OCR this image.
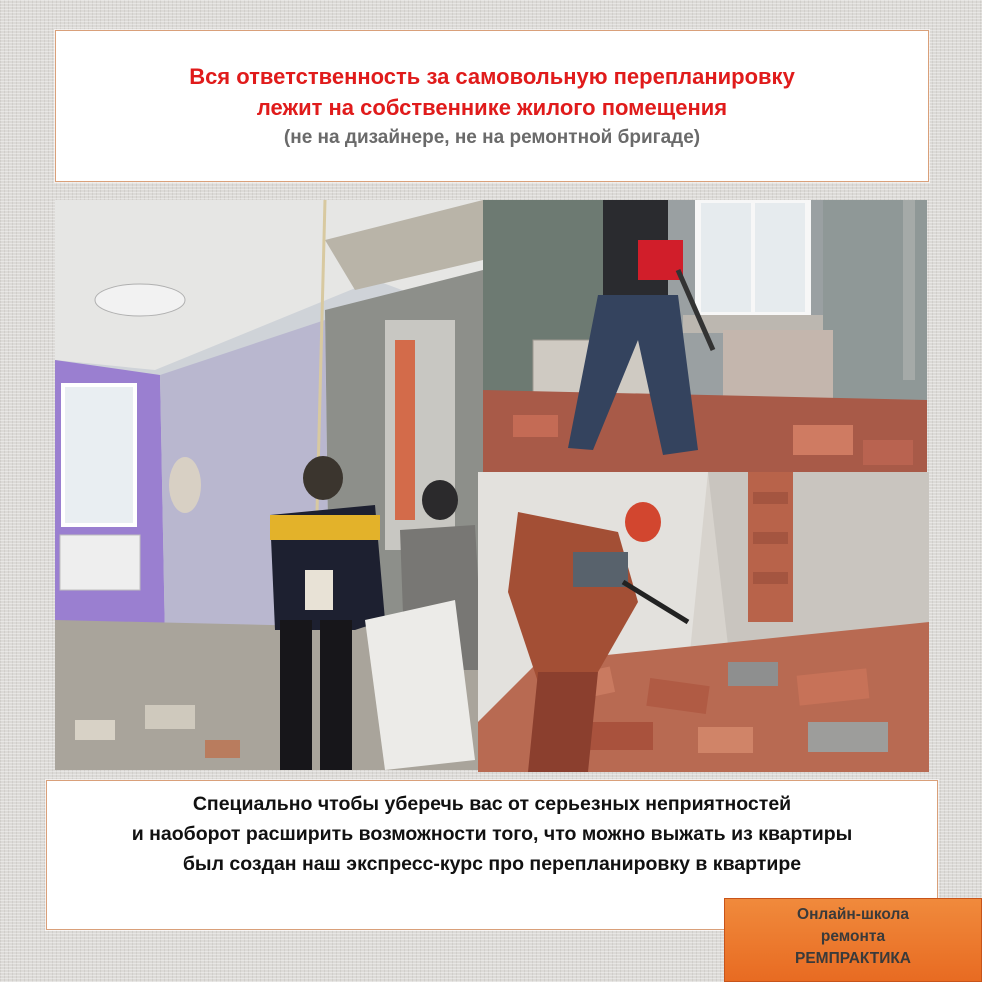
Вся ответственность за самовольную перепланировку
лежит на собственнике жилого помещения
(не на дизайнере, не на ремонтной бригаде)
Специально чтобы уберечь вас от серьезных неприятностей
и наоборот расширить возможности того, что можно выжать из квартиры
был создан наш экспресс-курс про перепланировку в квартире
Онлайн-школа
ремонта
РЕМПРАКТИКА
